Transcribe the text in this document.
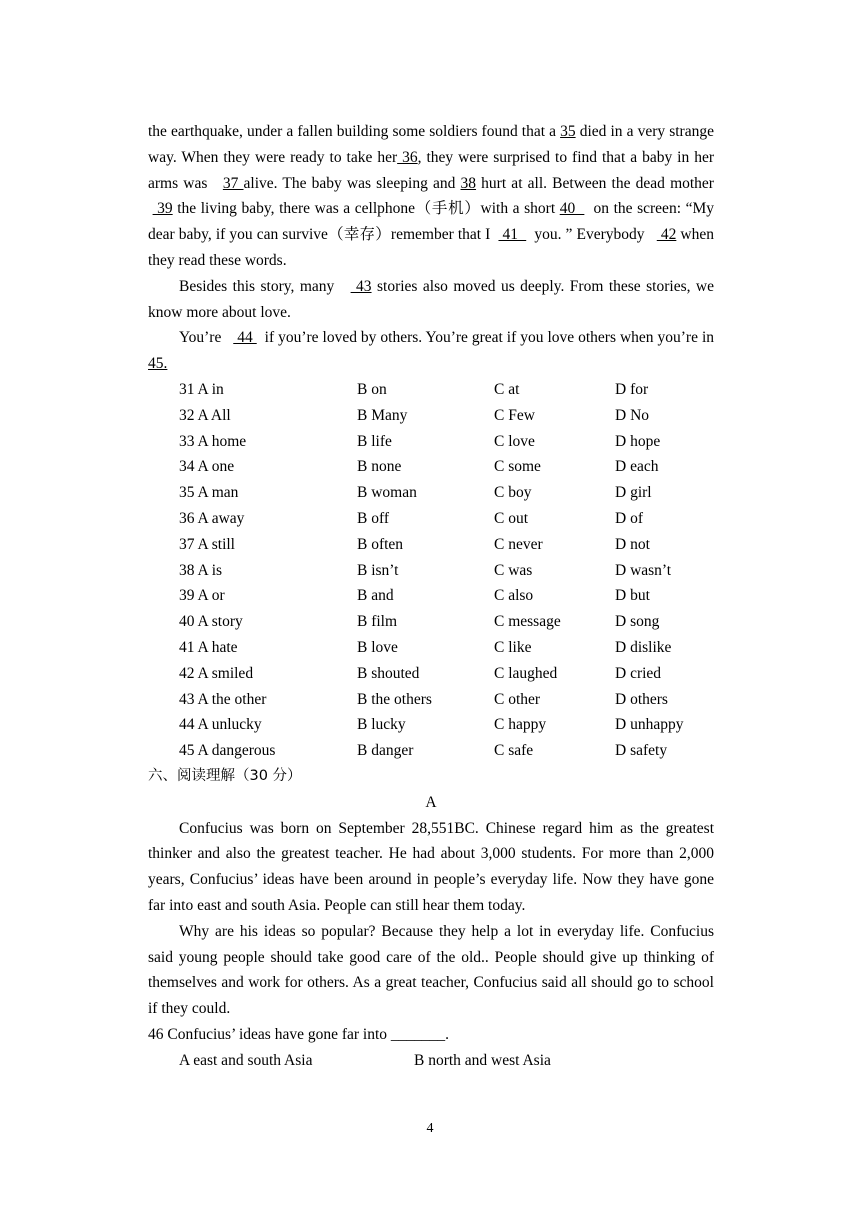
the earthquake, under a fallen building some soldiers found that a 35 died in a very strange way. When they were ready to take her 36, they were surprised to find that a baby in her arms was   37 alive. The baby was sleeping and 38 hurt at all. Between the dead mother   39 the living baby, there was a cellphone（手机）with a short 40    on the screen: “My dear baby, if you can survive（幸存）remember that I   41    you. ” Everybody    42 when they read these words.

Besides this story, many    43 stories also moved us deeply. From these stories, we know more about love.

You’re    44   if you’re loved by others. You’re great if you love others when you’re in 45.

31 A in	B on	C at	D for
32 A All	B Many	C Few	D No
33 A home	B life	C love	D hope
34 A one	B none	C some	D each
35 A man	B woman	C boy	D girl
36 A away	B off	C out	D of
37 A still	B often	C never	D not
38 A is	B isn’t	C was	D wasn’t
39 A or	B and	C also	D but
40 A story	B film	C message	D song
41 A hate	B love	C like	D dislike
42 A smiled	B shouted	C laughed	D cried
43 A the other	B the others	C other	D others
44 A unlucky	B lucky	C happy	D unhappy
45 A dangerous	B danger	C safe	D safety

六、阅读理解（30 分）

A

Confucius was born on September 28,551BC. Chinese regard him as the greatest thinker and also the greatest teacher. He had about 3,000 students. For more than 2,000 years, Confucius’ ideas have been around in people’s everyday life. Now they have gone far into east and south Asia. People can still hear them today.

Why are his ideas so popular? Because they help a lot in everyday life. Confucius said young people should take good care of the old.. People should give up thinking of themselves and work for others. As a great teacher, Confucius said all should go to school if they could.

46 Confucius’ ideas have gone far into _______.

A east and south Asia	B north and west Asia
4
